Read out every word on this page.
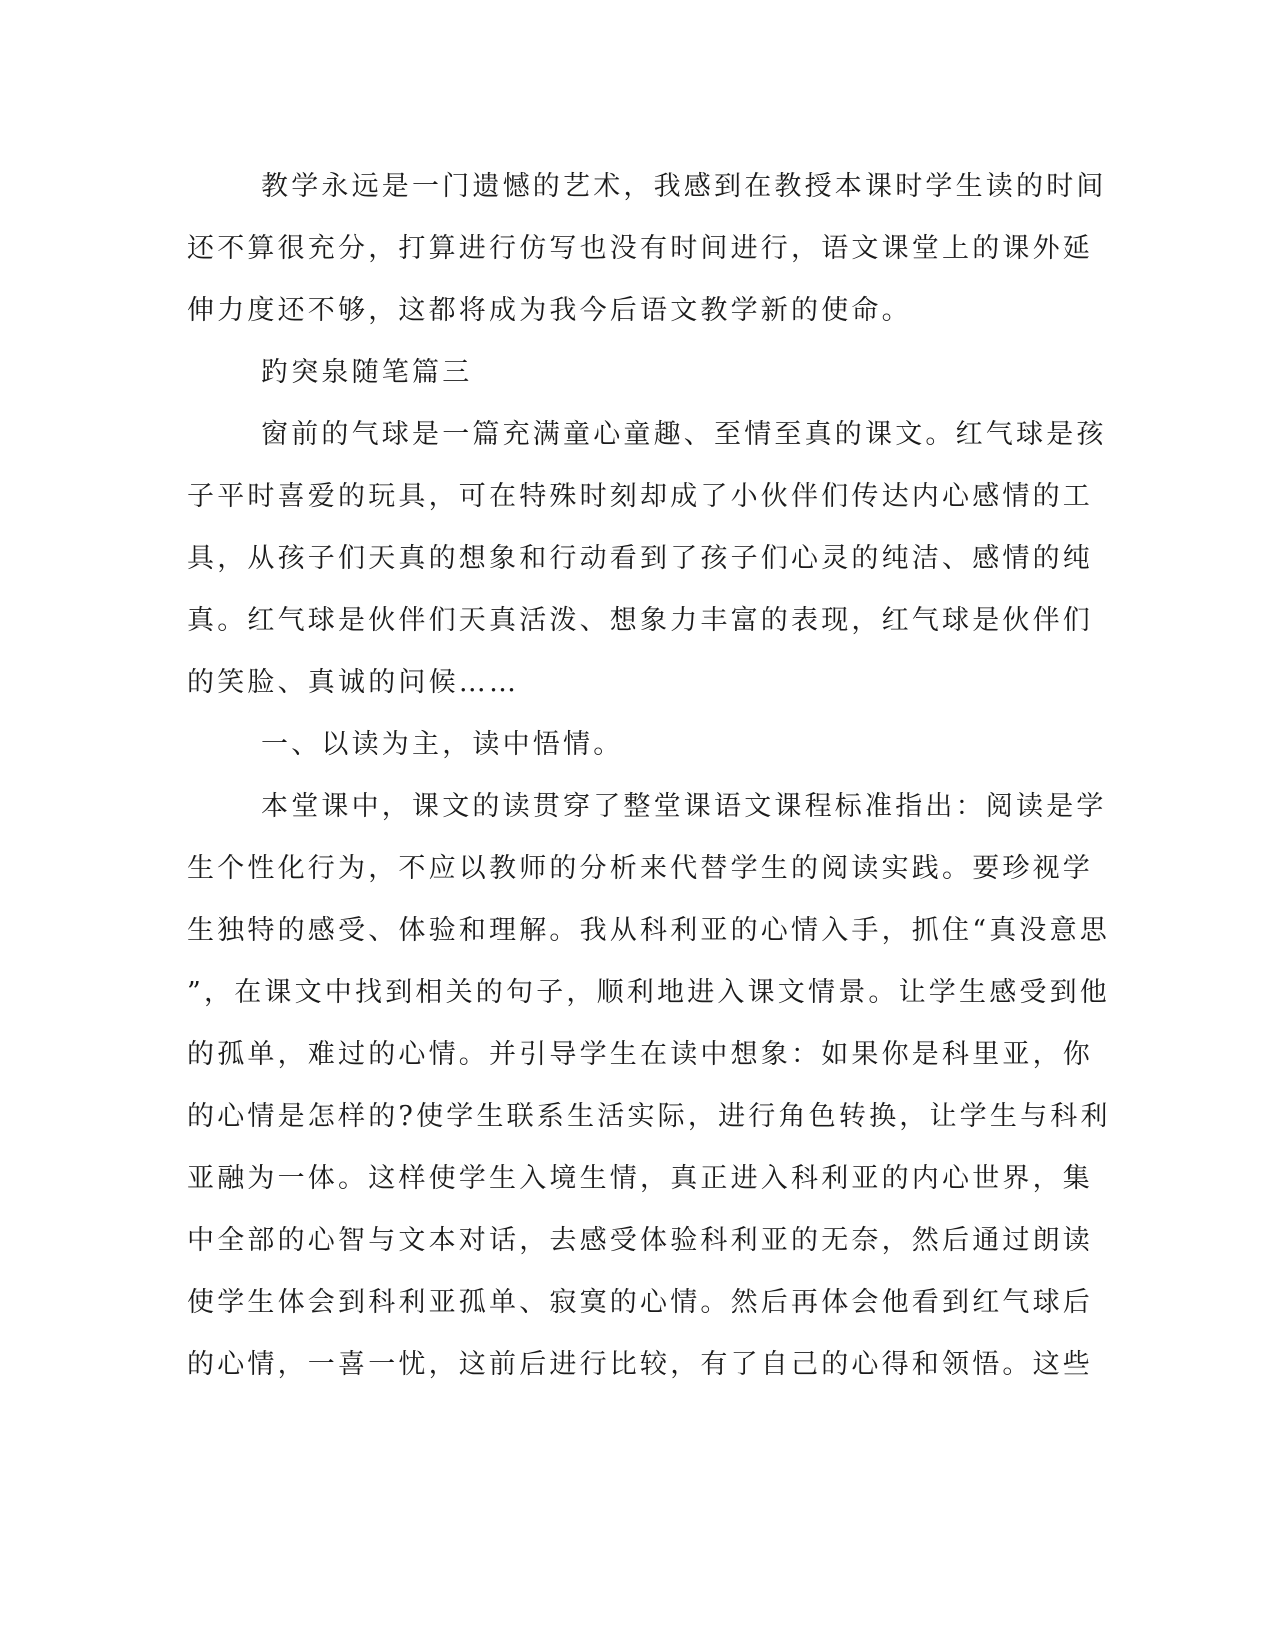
教学永远是一门遗憾的艺术，我感到在教授本课时学生读的时间
还不算很充分，打算进行仿写也没有时间进行，语文课堂上的课外延
伸力度还不够，这都将成为我今后语文教学新的使命。
趵突泉随笔篇三
窗前的气球是一篇充满童心童趣、至情至真的课文。红气球是孩
子平时喜爱的玩具，可在特殊时刻却成了小伙伴们传达内心感情的工
具，从孩子们天真的想象和行动看到了孩子们心灵的纯洁、感情的纯
真。红气球是伙伴们天真活泼、想象力丰富的表现，红气球是伙伴们
的笑脸、真诚的问候……
一、以读为主，读中悟情。
本堂课中，课文的读贯穿了整堂课语文课程标准指出：阅读是学
生个性化行为，不应以教师的分析来代替学生的阅读实践。要珍视学
生独特的感受、体验和理解。我从科利亚的心情入手，抓住“真没意思
”，在课文中找到相关的句子，顺利地进入课文情景。让学生感受到他
的孤单，难过的心情。并引导学生在读中想象：如果你是科里亚，你
的心情是怎样的?使学生联系生活实际，进行角色转换，让学生与科利
亚融为一体。这样使学生入境生情，真正进入科利亚的内心世界，集
中全部的心智与文本对话，去感受体验科利亚的无奈，然后通过朗读
使学生体会到科利亚孤单、寂寞的心情。然后再体会他看到红气球后
的心情，一喜一忧，这前后进行比较，有了自己的心得和领悟。这些
